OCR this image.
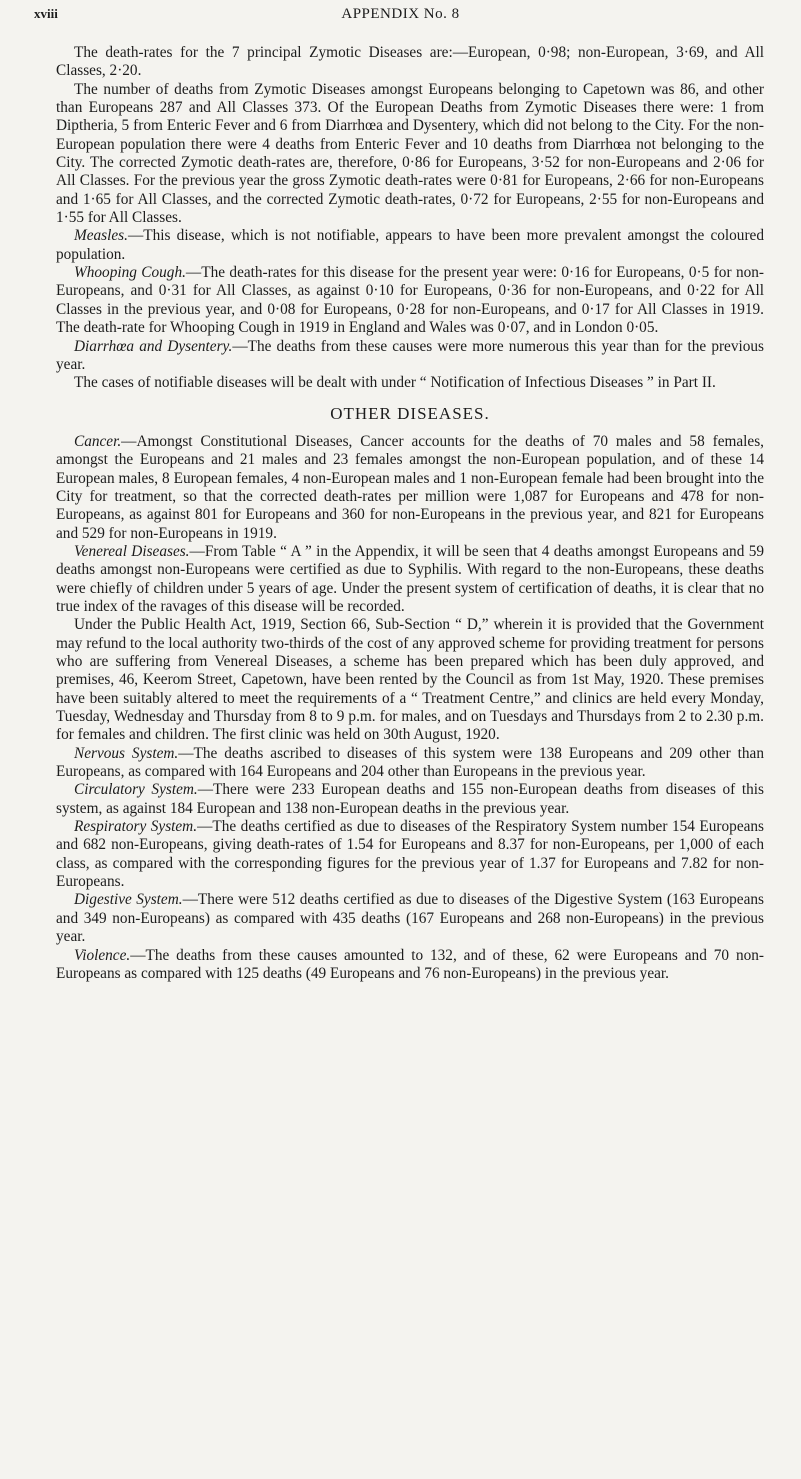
xviii	APPENDIX No. 8

The death-rates for the 7 principal Zymotic Diseases are:—European, 0·98; non-European, 3·69, and All Classes, 2·20.

The number of deaths from Zymotic Diseases amongst Europeans belonging to Capetown was 86, and other than Europeans 287 and All Classes 373. Of the European Deaths from Zymotic Diseases there were: 1 from Diptheria, 5 from Enteric Fever and 6 from Diarrhœa and Dysentery, which did not belong to the City. For the non-European population there were 4 deaths from Enteric Fever and 10 deaths from Diarrhœa not belonging to the City. The corrected Zymotic death-rates are, therefore, 0·86 for Europeans, 3·52 for non-Europeans and 2·06 for All Classes. For the previous year the gross Zymotic death-rates were 0·81 for Europeans, 2·66 for non-Europeans and 1·65 for All Classes, and the corrected Zymotic death-rates, 0·72 for Europeans, 2·55 for non-Europeans and 1·55 for All Classes.

Measles.—This disease, which is not notifiable, appears to have been more prevalent amongst the coloured population.

Whooping Cough.—The death-rates for this disease for the present year were: 0·16 for Europeans, 0·5 for non-Europeans, and 0·31 for All Classes, as against 0·10 for Europeans, 0·36 for non-Europeans, and 0·22 for All Classes in the previous year, and 0·08 for Europeans, 0·28 for non-Europeans, and 0·17 for All Classes in 1919. The death-rate for Whooping Cough in 1919 in England and Wales was 0·07, and in London 0·05.

Diarrhœa and Dysentery.—The deaths from these causes were more numerous this year than for the previous year.

The cases of notifiable diseases will be dealt with under “ Notification of Infectious Diseases ” in Part II.

OTHER DISEASES.

Cancer.—Amongst Constitutional Diseases, Cancer accounts for the deaths of 70 males and 58 females, amongst the Europeans and 21 males and 23 females amongst the non-European population, and of these 14 European males, 8 European females, 4 non-European males and 1 non-European female had been brought into the City for treatment, so that the corrected death-rates per million were 1,087 for Europeans and 478 for non-Europeans, as against 801 for Europeans and 360 for non-Europeans in the previous year, and 821 for Europeans and 529 for non-Europeans in 1919.

Venereal Diseases.—From Table “ A ” in the Appendix, it will be seen that 4 deaths amongst Europeans and 59 deaths amongst non-Europeans were certified as due to Syphilis. With regard to the non-Europeans, these deaths were chiefly of children under 5 years of age. Under the present system of certification of deaths, it is clear that no true index of the ravages of this disease will be recorded.

Under the Public Health Act, 1919, Section 66, Sub-Section “ D,” wherein it is provided that the Government may refund to the local authority two-thirds of the cost of any approved scheme for providing treatment for persons who are suffering from Venereal Diseases, a scheme has been prepared which has been duly approved, and premises, 46, Keerom Street, Capetown, have been rented by the Council as from 1st May, 1920. These premises have been suitably altered to meet the requirements of a “ Treatment Centre,” and clinics are held every Monday, Tuesday, Wednesday and Thursday from 8 to 9 p.m. for males, and on Tuesdays and Thursdays from 2 to 2.30 p.m. for females and children. The first clinic was held on 30th August, 1920.

Nervous System.—The deaths ascribed to diseases of this system were 138 Europeans and 209 other than Europeans, as compared with 164 Europeans and 204 other than Europeans in the previous year.

Circulatory System.—There were 233 European deaths and 155 non-European deaths from diseases of this system, as against 184 European and 138 non-European deaths in the previous year.

Respiratory System.—The deaths certified as due to diseases of the Respiratory System number 154 Europeans and 682 non-Europeans, giving death-rates of 1.54 for Europeans and 8.37 for non-Europeans, per 1,000 of each class, as compared with the corresponding figures for the previous year of 1.37 for Europeans and 7.82 for non-Europeans.

Digestive System.—There were 512 deaths certified as due to diseases of the Digestive System (163 Europeans and 349 non-Europeans) as compared with 435 deaths (167 Europeans and 268 non-Europeans) in the previous year.

Violence.—The deaths from these causes amounted to 132, and of these, 62 were Europeans and 70 non-Europeans as compared with 125 deaths (49 Europeans and 76 non-Europeans) in the previous year.
